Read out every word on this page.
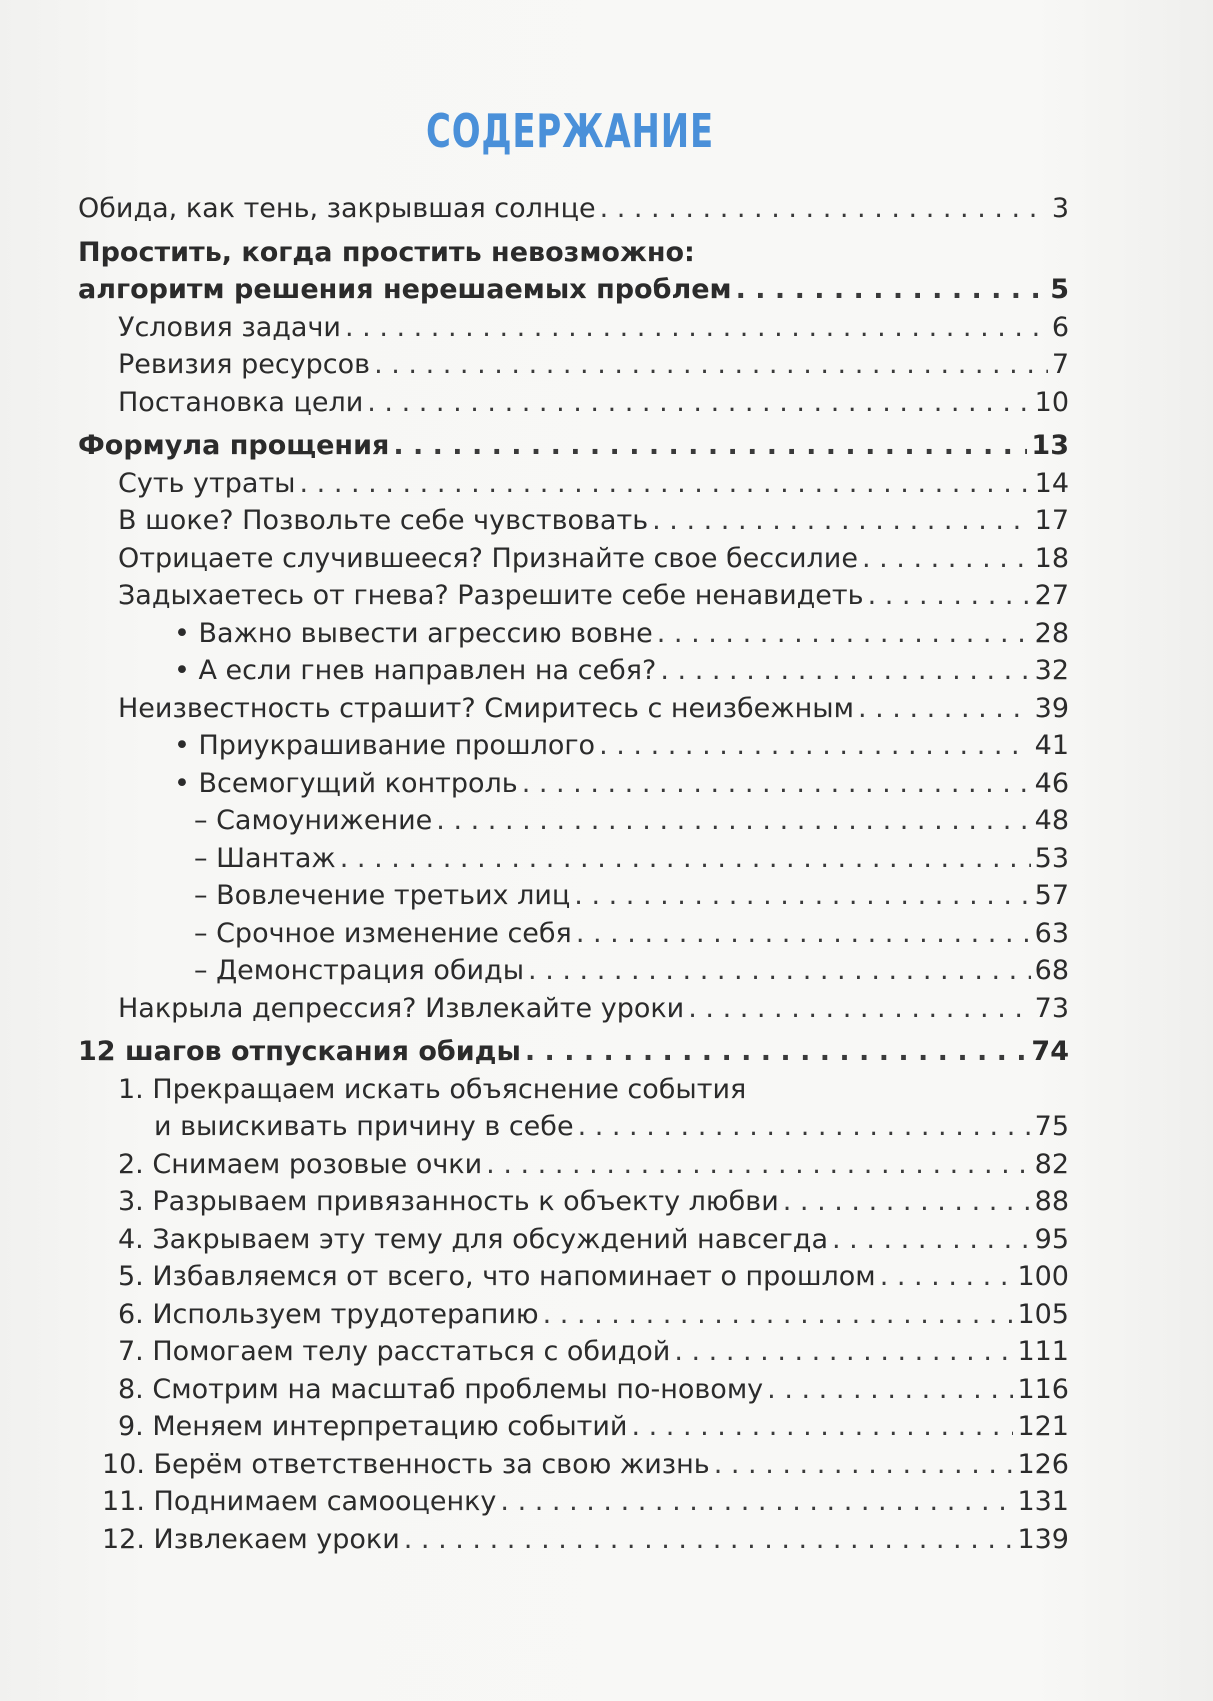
СОДЕРЖАНИЕ
Обида, как тень, закрывшая солнце . . .	3
Простить, когда простить невозможно:
алгоритм решения нерешаемых проблем . . .	5
Условия задачи . . .	6
Ревизия ресурсов . . .	7
Постановка цели . . .	10
Формула прощения . . .	13
Суть утраты . . .	14
В шоке? Позвольте себе чувствовать . . .	17
Отрицаете случившееся? Признайте свое бессилие . . .	18
Задыхаетесь от гнева? Разрешите себе ненавидеть . . .	27
• Важно вывести агрессию вовне . . .	28
• А если гнев направлен на себя? . . .	32
Неизвестность страшит? Смиритесь с неизбежным . . .	39
• Приукрашивание прошлого . . .	41
• Всемогущий контроль . . .	46
– Самоунижение . . .	48
– Шантаж . . .	53
– Вовлечение третьих лиц . . .	57
– Срочное изменение себя . . .	63
– Демонстрация обиды . . .	68
Накрыла депрессия? Извлекайте уроки . . .	73
12 шагов отпускания обиды . . .	74
1. Прекращаем искать объяснение события
и выискивать причину в себе . . .	75
2. Снимаем розовые очки . . .	82
3. Разрываем привязанность к объекту любви . . .	88
4. Закрываем эту тему для обсуждений навсегда . . .	95
5. Избавляемся от всего, что напоминает о прошлом . . .	100
6. Используем трудотерапию . . .	105
7. Помогаем телу расстаться с обидой . . .	111
8. Смотрим на масштаб проблемы по-новому . . .	116
9. Меняем интерпретацию событий . . .	121
10. Берём ответственность за свою жизнь . . .	126
11. Поднимаем самооценку . . .	131
12. Извлекаем уроки . . .	139
